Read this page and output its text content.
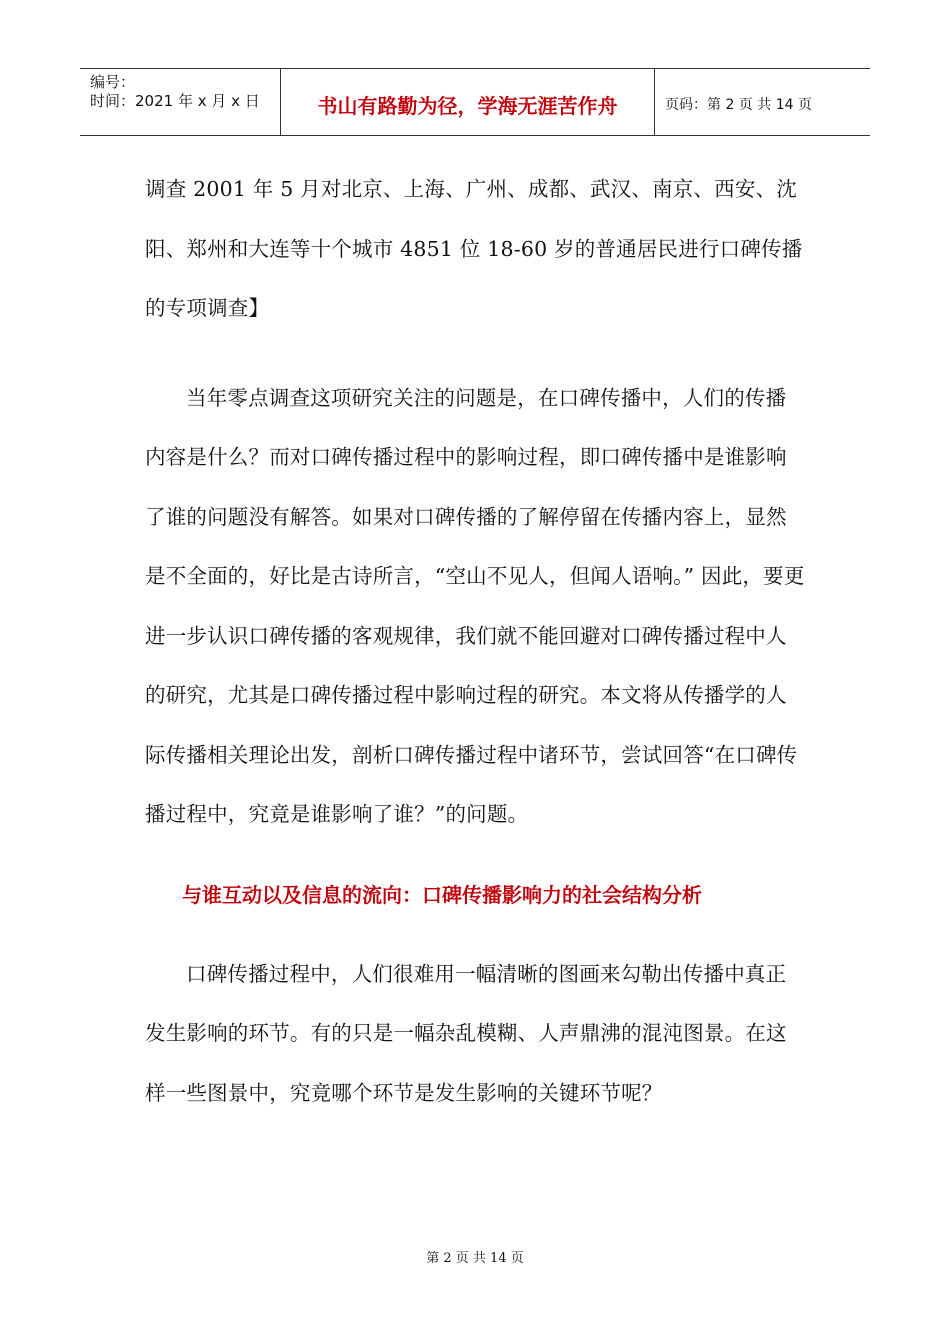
编号：
时间：2021 年 x 月 x 日	书山有路勤为径，学海无涯苦作舟	页码：第 2 页 共 14 页

调查 2001 年 5 月对北京、上海、广州、成都、武汉、南京、西安、沈阳、郑州和大连等十个城市 4851 位 18-60 岁的普通居民进行口碑传播的专项调查】

当年零点调查这项研究关注的问题是，在口碑传播中，人们的传播内容是什么？而对口碑传播过程中的影响过程，即口碑传播中是谁影响了谁的问题没有解答。如果对口碑传播的了解停留在传播内容上，显然是不全面的，好比是古诗所言，“空山不见人，但闻人语响。” 因此，要更进一步认识口碑传播的客观规律，我们就不能回避对口碑传播过程中人的研究，尤其是口碑传播过程中影响过程的研究。本文将从传播学的人际传播相关理论出发，剖析口碑传播过程中诸环节，尝试回答“在口碑传播过程中，究竟是谁影响了谁？”的问题。

与谁互动以及信息的流向：口碑传播影响力的社会结构分析

口碑传播过程中，人们很难用一幅清晰的图画来勾勒出传播中真正发生影响的环节。有的只是一幅杂乱模糊、人声鼎沸的混沌图景。在这样一些图景中，究竟哪个环节是发生影响的关键环节呢？

第 2 页 共 14 页
